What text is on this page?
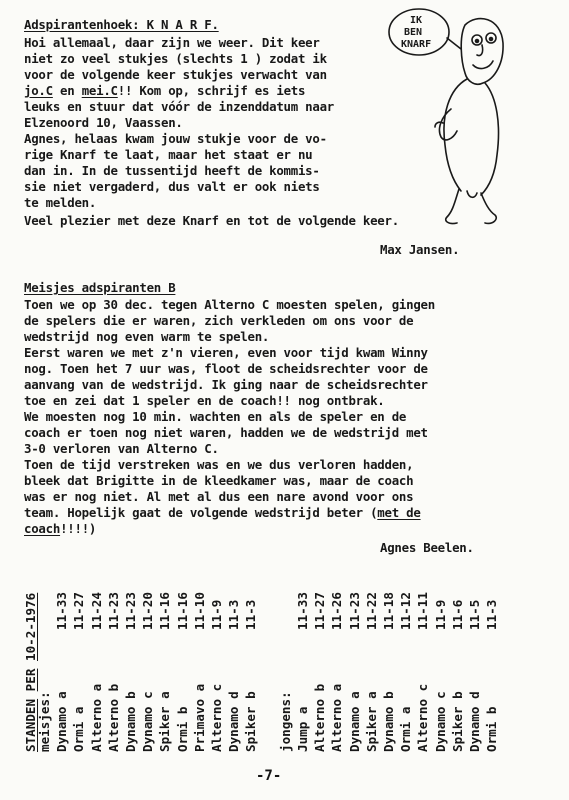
Adspirantenhoek: K N A R F.
Hoi allemaal, daar zijn we weer. Dit keer
niet zo veel stukjes (slechts 1 ) zodat ik
voor de volgende keer stukjes verwacht van
jo.C en mei.C!! Kom op, schrijf es iets
leuks en stuur dat vóór de inzenddatum naar
Elzenoord 10, Vaassen.
Agnes, helaas kwam jouw stukje voor de vo-
rige Knarf te laat, maar het staat er nu
dan in. In de tussentijd heeft de kommis-
sie niet vergaderd, dus valt er ook niets
te melden.
Veel plezier met deze Knarf en tot de volgende keer.
Max Jansen.
IK
BEN
KNARF
Meisjes adspiranten B
Toen we op 30 dec. tegen Alterno C moesten spelen, gingen
de spelers die er waren, zich verkleden om ons voor de
wedstrijd nog even warm te spelen.
Eerst waren we met z'n vieren, even voor tijd kwam Winny
nog. Toen het 7 uur was, floot de scheidsrechter voor de
aanvang van de wedstrijd. Ik ging naar de scheidsrechter
toe en zei dat 1 speler en de coach!! nog ontbrak.
We moesten nog 10 min. wachten en als de speler en de
coach er toen nog niet waren, hadden we de wedstrijd met
3-0 verloren van Alterno C.
Toen de tijd verstreken was en we dus verloren hadden,
bleek dat Brigitte in de kleedkamer was, maar de coach
was er nog niet. Al met al dus een nare avond voor ons
team. Hopelijk gaat de volgende wedstrijd beter (met de
coach!!!!)
Agnes Beelen.
STANDEN PER 10-2-1976
meisjes: Dynamo a
11-33
Ormi a
11-27
Alterno a
11-24
Alterno b
11-23
Dynamo b
11-23
Dynamo c
11-20
Spiker a
11-16
Ormi b
11-16
Primavo a
11-10
Alterno c
11-9
Dynamo d
11-3
Spiker b
11-3
jongens: Jump a
11-33
Alterno b
11-27
Alterno a
11-26
Dynamo a
11-23
Spiker a
11-22
Dynamo b
11-18
Ormi a
11-12
Alterno c
11-11
Dynamo c
11-9
Spiker b
11-6
Dynamo d
11-5
Ormi b
11-3
-7-
